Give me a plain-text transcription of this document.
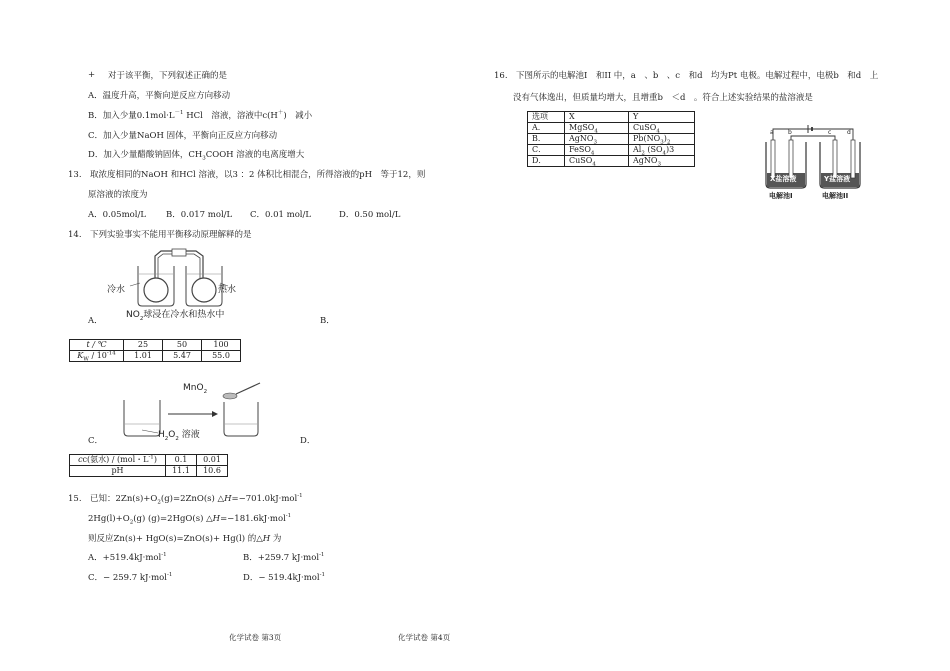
+ 对于该平衡，下列叙述正确的是
A．温度升高，平衡向逆反应方向移动
B．加入少量$0.1mol\cdot L^{-1}$ HCl　溶液，溶液中c(H＋)　减小
C．加入少量NaOH 固体，平衡向正反应方向移动
D．加入少量醋酸钠固体，$CH_3COOH$ 溶液的电离度增大
13.　取浓度相同的NaOH 和HCl 溶液，以3 ：2 体积比相混合，所得溶液的pH　等于12，则
原溶液的浓度为
A．0.05mol/L B．0.017 mol/L C．0.01 mol/L	D．0.50 mol/L
14.　下列实验事实不能用平衡移动原理解释的是
冷水	热水
$NO_2$球浸在冷水和热水中
A．	B．
t / ℃	25	50	100
$K_W / 10^{-14}$	1.01	5.47	55.0
MnO$_2$
$H_2O_2$ 溶液
C．	D．
cc(氨水) / (mol・$L^{-1}$)	0.1	0.01
pH	11.1	10.6
15.　已知：$2Zn(s)+O_2(g)=2ZnO(s)$ △H=−701.0kJ·mol$^{-1}$
$2Hg(l)+O_2(g)$ (g)=2HgO(s) △H=−181.6kJ·mol$^{-1}$
则反应Zn(s)+ HgO(s)=ZnO(s)+ Hg(l) 的△H 为
A．+519.4kJ·mol$^{-1}$	B．+259.7 kJ·mol$^{-1}$
C．− 259.7 kJ·mol$^{-1}$	D．− 519.4kJ·mol$^{-1}$
16.　下图所示的电解池I　和II 中，a　、b　、c　和d　均为Pt 电极。电解过程中，电极b　和d　上
没有气体逸出，但质量均增大，且增重b　＜d　。符合上述实验结果的盐溶液是
选项	X	Y
A．	MgSO$_4$	CuSO$_4$
B．	AgNO$_3$	$Pb(NO_3)_2$
C．	FeSO$_4$	$Al_2$ $(SO_4)3$
D．	CuSO$_4$	AgNO$_3$
a b	c	d
X盐溶液	Y盐溶液
电解池I	电解池II
化学试卷 第3页	化学试卷 第4页
